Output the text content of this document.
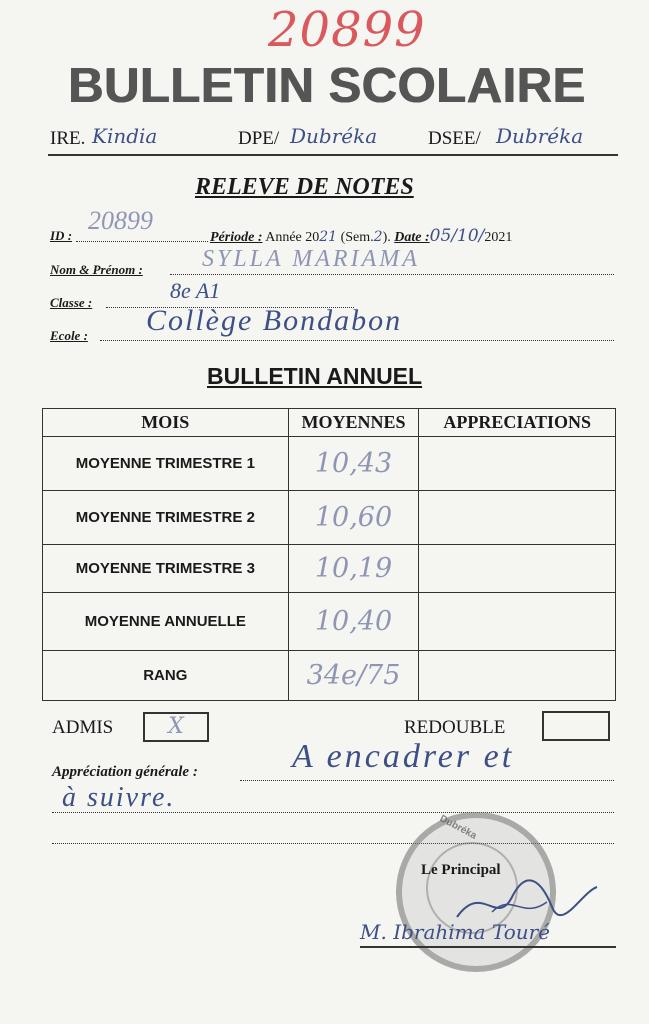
20899
BULLETIN SCOLAIRE
IRE. Kindia	DPE/ Dubréka	DSEE/ Dubréka
RELEVE DE NOTES
ID :
20899
Période : Année 2021 (Sem.2). Date :05/10/2021
Nom & Prénom : SYLLA MARIAMA
Classe :	8e A1
Ecole : Collège Bondabon
BULLETIN ANNUEL
MOIS	MOYENNES	APPRECIATIONS
MOYENNE TRIMESTRE 1	10,43	
MOYENNE TRIMESTRE 2	10,60	
MOYENNE TRIMESTRE 3	10,19	
MOYENNE ANNUELLE	10,40	
RANG	34e/75	
ADMIS	X	REDOUBLE
Appréciation générale :	A encadrer et
à suivre.
Dubréka
Le Principal
M. Ibrahima Touré
